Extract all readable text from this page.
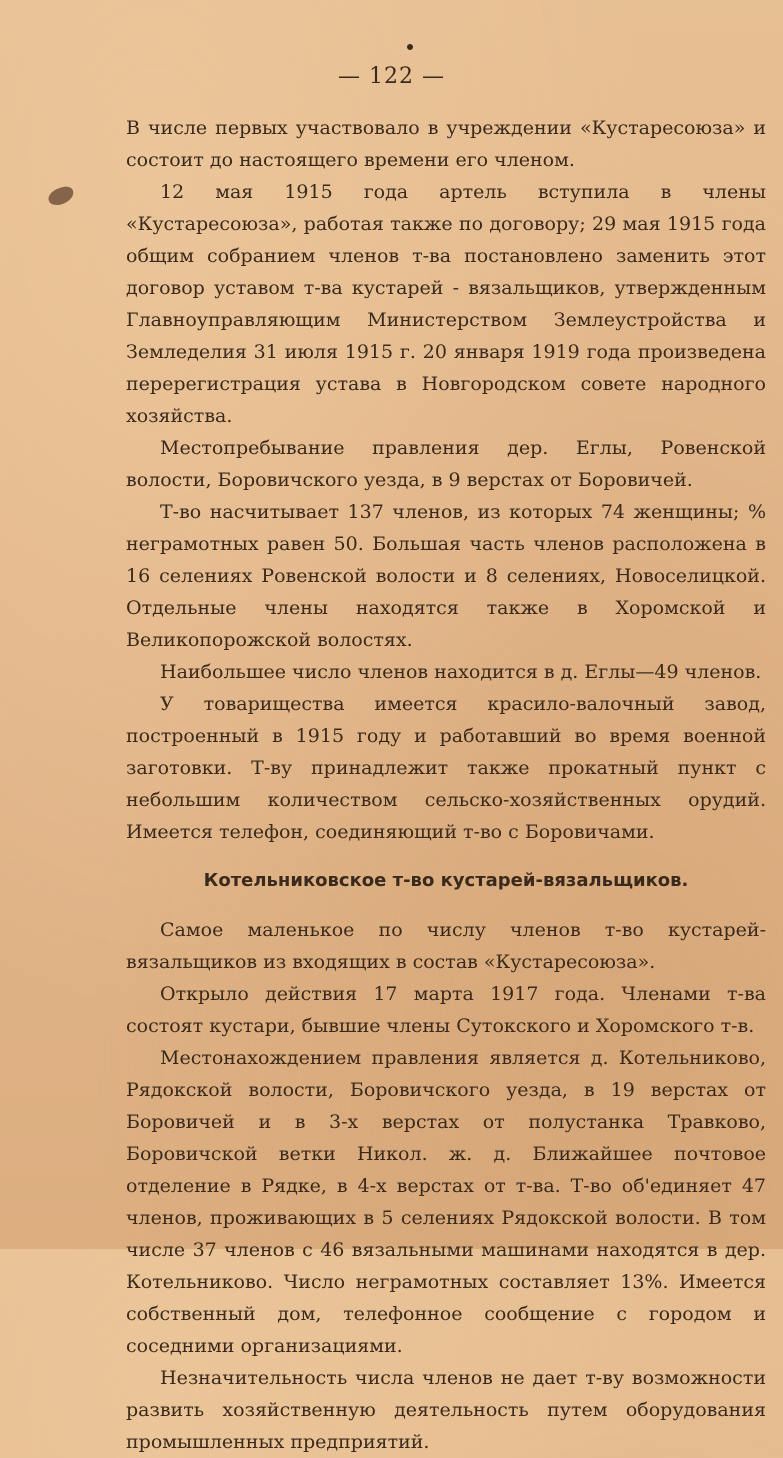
— 122 —

В числе первых участвовало в учреждении «Кустаресоюза» и состоит до настоящего времени его членом.

12 мая 1915 года артель вступила в члены «Кустаресоюза», работая также по договору; 29 мая 1915 года общим собранием членов т-ва постановлено заменить этот договор уставом т-ва кустарей - вязальщиков, утвержденным Главноуправляющим Министерством Землеустройства и Земледелия 31 июля 1915 г. 20 января 1919 года произведена перерегистрация устава в Новгородском совете народного хозяйства.

Местопребывание правления дер. Еглы, Ровенской волости, Боровичского уезда, в 9 верстах от Боровичей.

Т-во насчитывает 137 членов, из которых 74 женщины; % неграмотных равен 50. Большая часть членов расположена в 16 селениях Ровенской волости и 8 селениях, Новоселицкой. Отдельные члены находятся также в Хоромской и Великопорожской волостях.

Наибольшее число членов находится в д. Еглы—49 членов.

У товарищества имеется красило-валочный завод, построенный в 1915 году и работавший во время военной заготовки. Т-ву принадлежит также прокатный пункт с небольшим количеством сельско-хозяйственных орудий. Имеется телефон, соединяющий т-во с Боровичами.

Котельниковское т-во кустарей-вязальщиков.

Самое маленькое по числу членов т-во кустарей-вязальщиков из входящих в состав «Кустаресоюза».

Открыло действия 17 марта 1917 года. Членами т-ва состоят кустари, бывшие члены Сутокского и Хоромского т-в.

Местонахождением правления является д. Котельниково, Рядокской волости, Боровичского уезда, в 19 верстах от Боровичей и в 3-х верстах от полустанка Травково, Боровичской ветки Никол. ж. д. Ближайшее почтовое отделение в Рядке, в 4-х верстах от т-ва. Т-во об'единяет 47 членов, проживающих в 5 селениях Рядокской волости. В том числе 37 членов с 46 вязальными машинами находятся в дер. Котельниково. Число неграмотных составляет 13%. Имеется собственный дом, телефонное сообщение с городом и соседними организациями.

Незначительность числа членов не дает т-ву возможности развить хозяйственную деятельность путем оборудования промышленных предприятий.
